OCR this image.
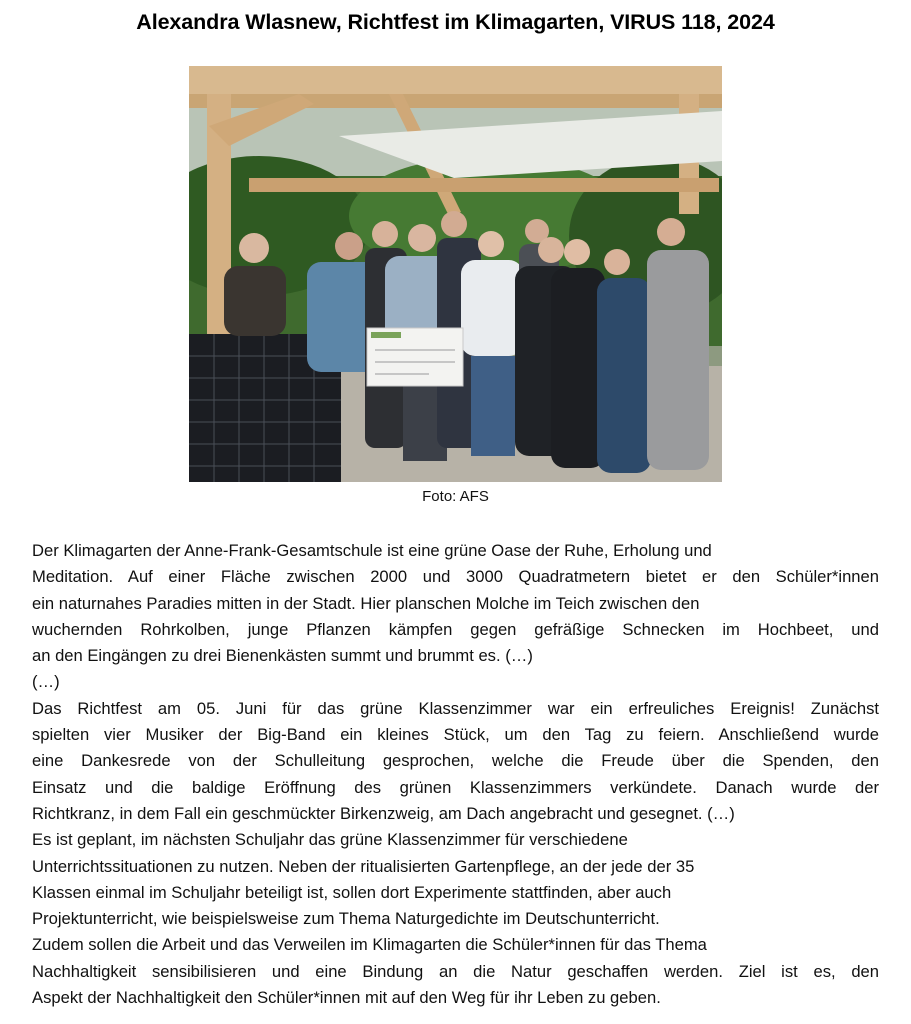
Alexandra Wlasnew, Richtfest im Klimagarten, VIRUS 118, 2024
Foto: AFS
Der Klimagarten der Anne-Frank-Gesamtschule ist eine grüne Oase der Ruhe, Erholung und
Meditation. Auf einer Fläche zwischen 2000 und 3000 Quadratmetern bietet er den Schüler*innen
ein naturnahes Paradies mitten in der Stadt. Hier planschen Molche im Teich zwischen den
wuchernden Rohrkolben, junge Pflanzen kämpfen gegen gefräßige Schnecken im Hochbeet, und
an den Eingängen zu drei Bienenkästen summt und brummt es. (…)
(…)
Das Richtfest am 05. Juni für das grüne Klassenzimmer war ein erfreuliches Ereignis! Zunächst
spielten vier Musiker der Big-Band ein kleines Stück, um den Tag zu feiern. Anschließend wurde
eine Dankesrede von der Schulleitung gesprochen, welche die Freude über die Spenden, den
Einsatz und die baldige Eröffnung des grünen Klassenzimmers verkündete. Danach wurde der
Richtkranz, in dem Fall ein geschmückter Birkenzweig, am Dach angebracht und gesegnet. (…)
Es ist geplant, im nächsten Schuljahr das grüne Klassenzimmer für verschiedene
Unterrichtssituationen zu nutzen. Neben der ritualisierten Gartenpflege, an der jede der 35
Klassen einmal im Schuljahr beteiligt ist, sollen dort Experimente stattfinden, aber auch
Projektunterricht, wie beispielsweise zum Thema Naturgedichte im Deutschunterricht.
Zudem sollen die Arbeit und das Verweilen im Klimagarten die Schüler*innen für das Thema
Nachhaltigkeit sensibilisieren und eine Bindung an die Natur geschaffen werden. Ziel ist es, den
Aspekt der Nachhaltigkeit den Schüler*innen mit auf den Weg für ihr Leben zu geben.
